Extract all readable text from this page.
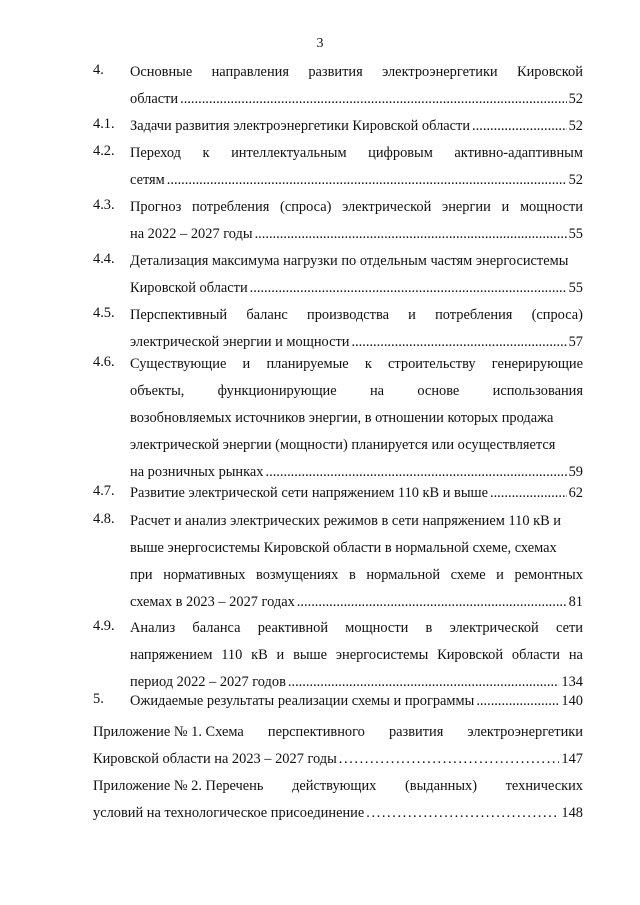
3
4. Основные направления развития электроэнергетики Кировской
области .....	52
4.1. Задачи развития электроэнергетики Кировской области .....	52
4.2. Переход к интеллектуальным цифровым активно-адаптивным
сетям .....	52
4.3. Прогноз потребления (спроса) электрической энергии и мощности
на 2022 – 2027 годы .....	55
4.4. Детализация максимума нагрузки по отдельным частям энергосистемы
Кировской области .....	55
4.5. Перспективный баланс производства и потребления (спроса)
электрической энергии и мощности .....	57
4.6. Существующие и планируемые к строительству генерирующие
объекты, функционирующие на основе использования
возобновляемых источников энергии, в отношении которых продажа
электрической энергии (мощности) планируется или осуществляется
на розничных рынках .....	59
4.7. Развитие электрической сети напряжением 110 кВ и выше .....	62
4.8. Расчет и анализ электрических режимов в сети напряжением 110 кВ и
выше энергосистемы Кировской области в нормальной схеме, схемах
при нормативных возмущениях в нормальной схеме и ремонтных
схемах в 2023 – 2027 годах .....	81
4.9. Анализ баланса реактивной мощности в электрической сети
напряжением 110 кВ и выше энергосистемы Кировской области на
период 2022 – 2027 годов .....	134
5. Ожидаемые результаты реализации схемы и программы .....	140
Приложение № 1. Схема перспективного развития электроэнергетики
Кировской области на 2023 – 2027 годы .....	147
Приложение № 2. Перечень действующих (выданных) технических
условий на технологическое присоединение .....	148
